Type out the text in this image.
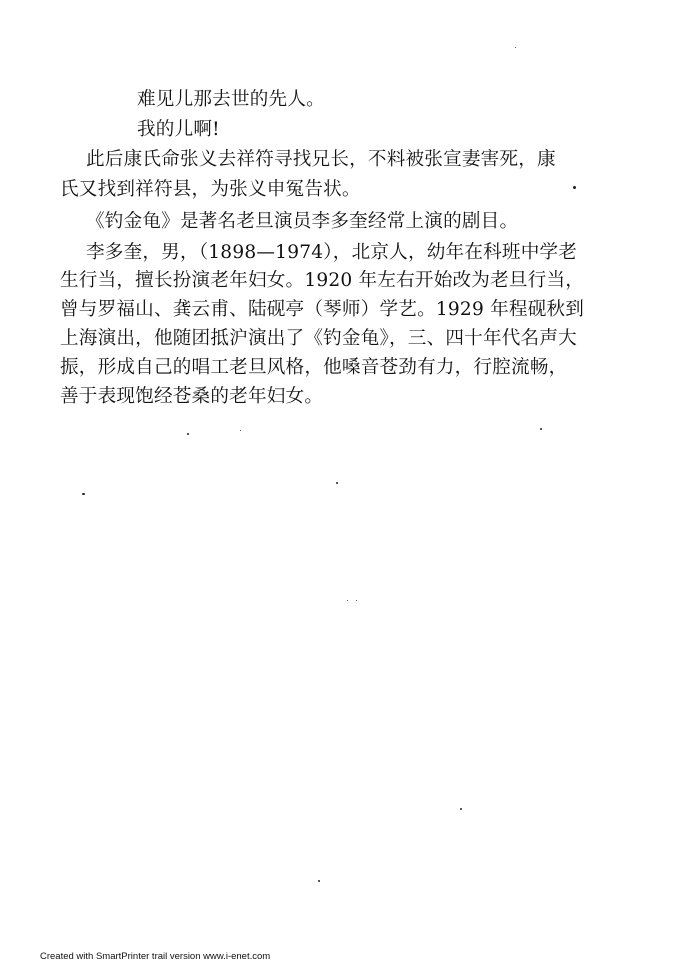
难见儿那去世的先人。
我的儿啊!
此后康氏命张义去祥符寻找兄长，不料被张宣妻害死，康
氏又找到祥符县，为张义申冤告状。
《钓金龟》是著名老旦演员李多奎经常上演的剧目。
李多奎，男，（1898—1974），北京人，幼年在科班中学老
生行当，擅长扮演老年妇女。1920 年左右开始改为老旦行当，
曾与罗福山、龚云甫、陆砚亭（琴师）学艺。1929 年程砚秋到
上海演出，他随团抵沪演出了《钓金龟》，三、四十年代名声大
振，形成自己的唱工老旦风格，他嗓音苍劲有力，行腔流畅，
善于表现饱经苍桑的老年妇女。
Created with SmartPrinter trail version www.i-enet.com
